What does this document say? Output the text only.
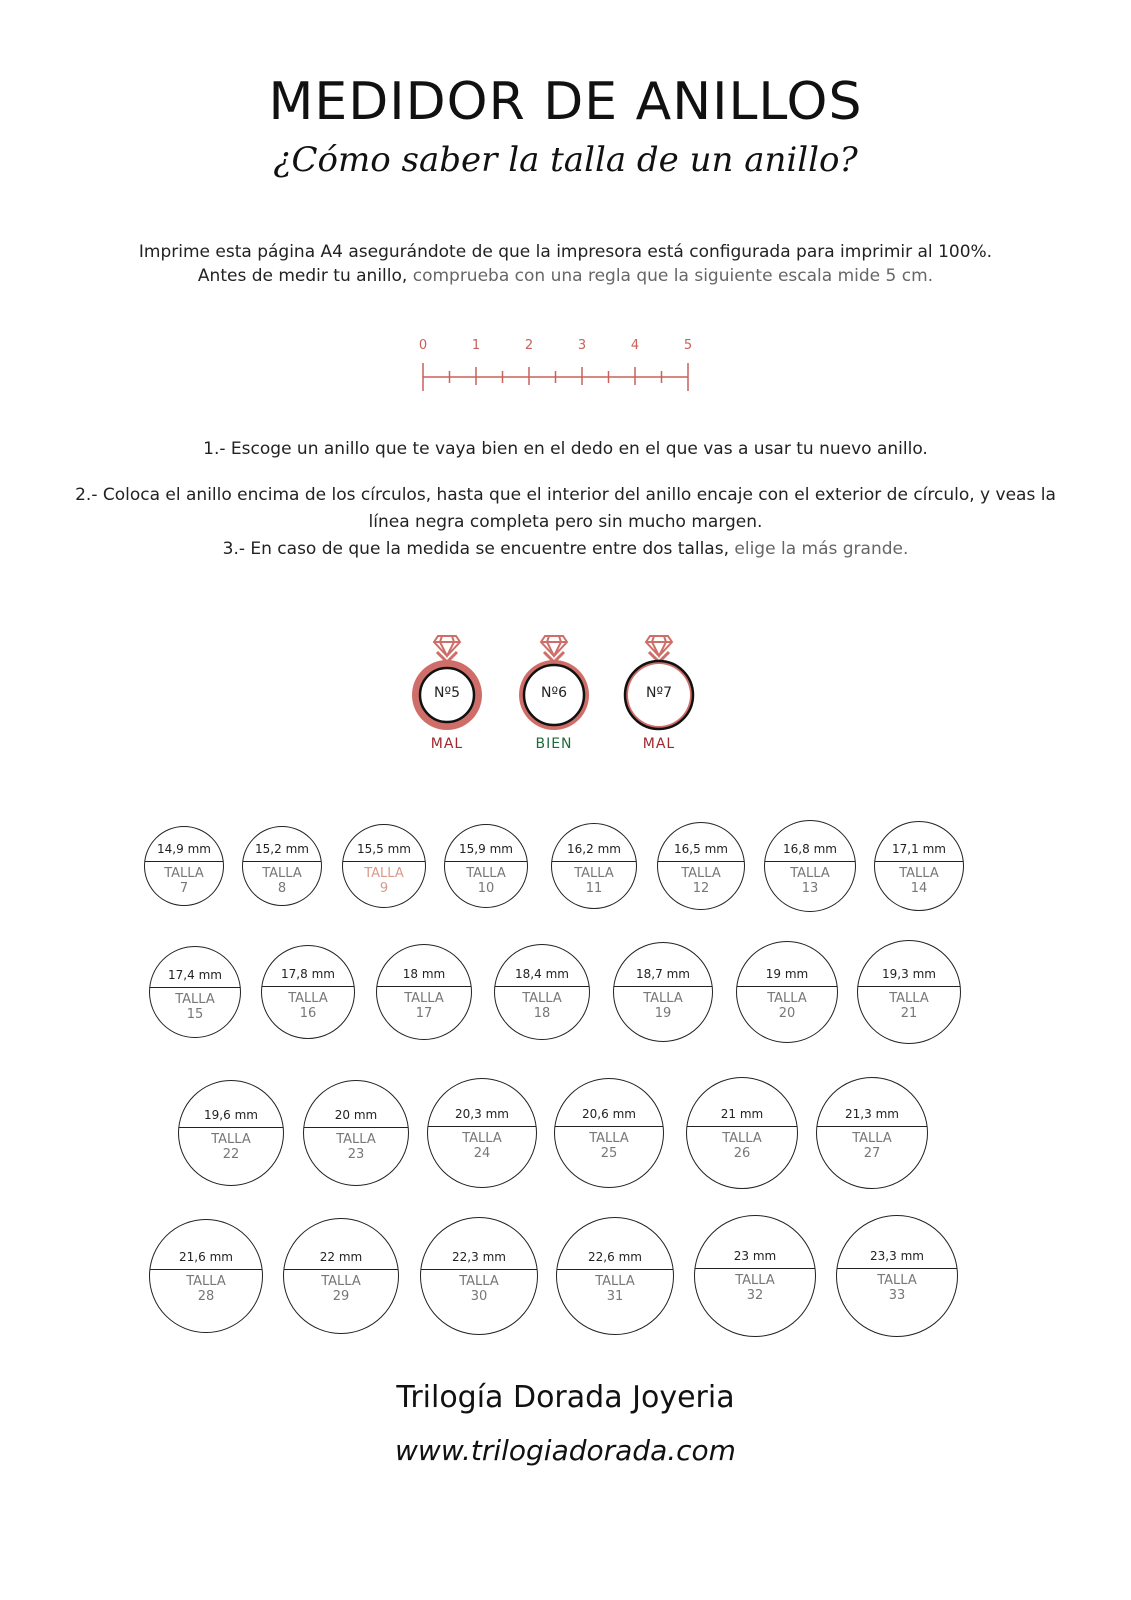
MEDIDOR DE ANILLOS
¿Cómo saber la talla de un anillo?
Imprime esta página A4 asegurándote de que la impresora está configurada para imprimir al 100%.
Antes de medir tu anillo, comprueba con una regla que la siguiente escala mide 5 cm.
0	1	2	3	4	5
1.- Escoge un anillo que te vaya bien en el dedo en el que vas a usar tu nuevo anillo.
2.- Coloca el anillo encima de los círculos, hasta que el interior del anillo encaje con el exterior de círculo, y veas la línea negra completa pero sin mucho margen.
3.- En caso de que la medida se encuentre entre dos tallas, elige la más grande.
Nº5
MAL
Nº6
BIEN
Nº7
MAL
14,9 mm
TALLA
7
15,2 mm
TALLA
8
15,5 mm
TALLA
9
15,9 mm
TALLA
10
16,2 mm
TALLA
11
16,5 mm
TALLA
12
16,8 mm
TALLA
13
17,1 mm
TALLA
14
17,4 mm
TALLA
15
17,8 mm
TALLA
16
18 mm
TALLA
17
18,4 mm
TALLA
18
18,7 mm
TALLA
19
19 mm
TALLA
20
19,3 mm
TALLA
21
19,6 mm
TALLA
22
20 mm
TALLA
23
20,3 mm
TALLA
24
20,6 mm
TALLA
25
21 mm
TALLA
26
21,3 mm
TALLA
27
21,6 mm
TALLA
28
22 mm
TALLA
29
22,3 mm
TALLA
30
22,6 mm
TALLA
31
23 mm
TALLA
32
23,3 mm
TALLA
33
Trilogía Dorada Joyeria
www.trilogiadorada.com
